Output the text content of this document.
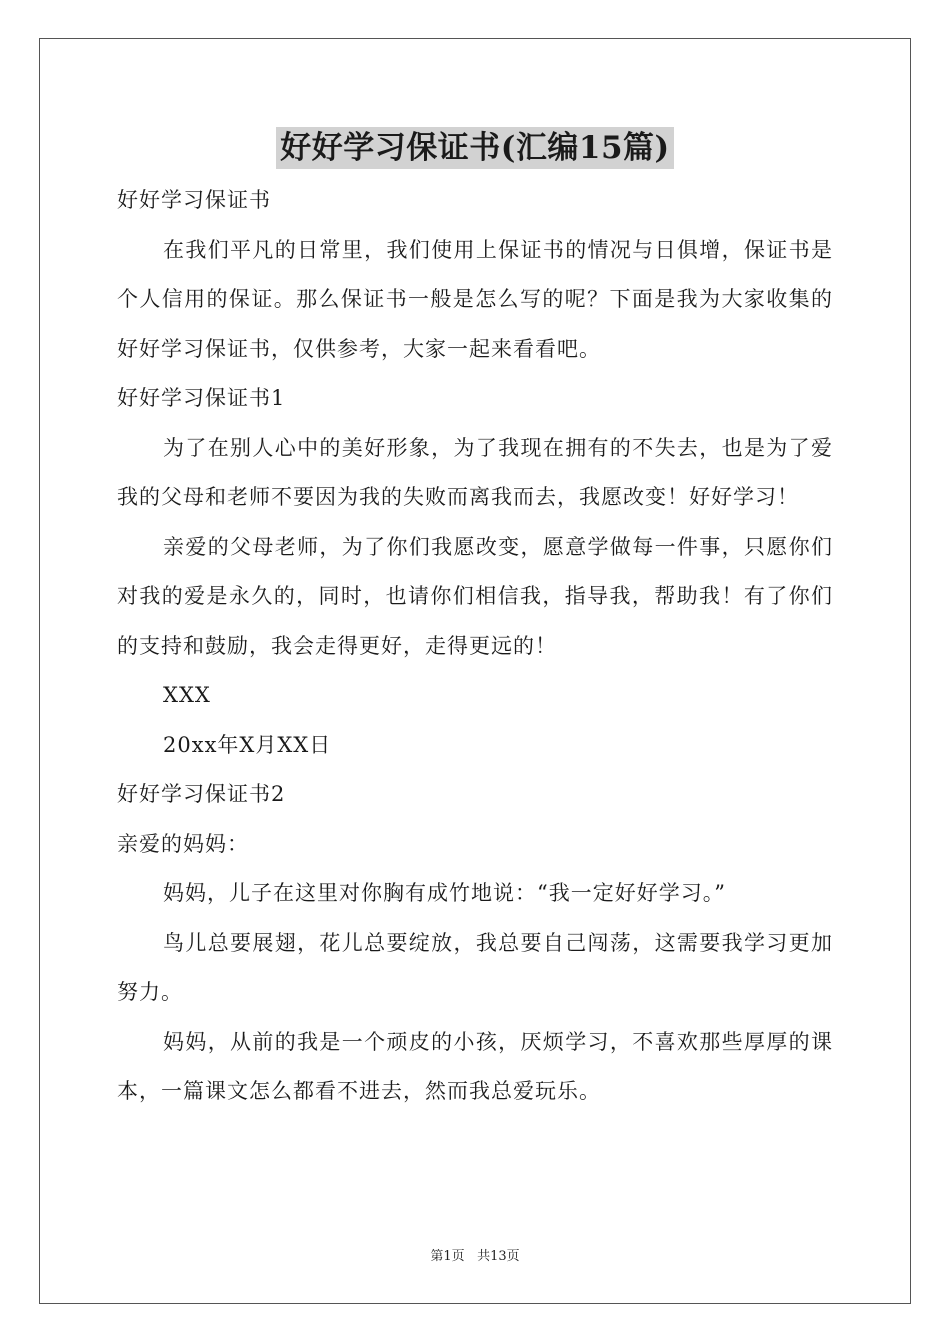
好好学习保证书(汇编15篇)

好好学习保证书

在我们平凡的日常里，我们使用上保证书的情况与日俱增，保证书是个人信用的保证。那么保证书一般是怎么写的呢？下面是我为大家收集的好好学习保证书，仅供参考，大家一起来看看吧。

好好学习保证书1

为了在别人心中的美好形象，为了我现在拥有的不失去，也是为了爱我的父母和老师不要因为我的失败而离我而去，我愿改变！好好学习！

亲爱的父母老师，为了你们我愿改变，愿意学做每一件事，只愿你们对我的爱是永久的，同时，也请你们相信我，指导我，帮助我！有了你们的支持和鼓励，我会走得更好，走得更远的！

XXX

20xx年X月XX日

好好学习保证书2

亲爱的妈妈：

妈妈，儿子在这里对你胸有成竹地说：“我一定好好学习。”

鸟儿总要展翅，花儿总要绽放，我总要自己闯荡，这需要我学习更加努力。

妈妈，从前的我是一个顽皮的小孩，厌烦学习，不喜欢那些厚厚的课本，一篇课文怎么都看不进去，然而我总爱玩乐。

第1页 共13页
